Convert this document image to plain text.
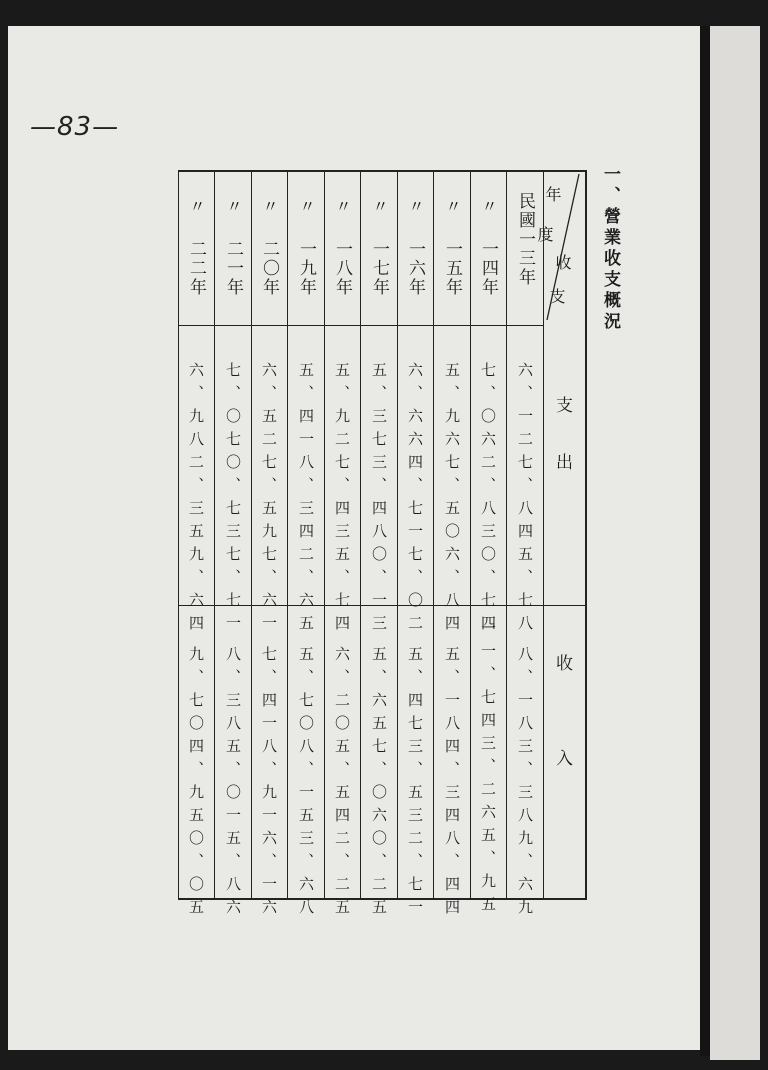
—83—
一、營業收支概況
年
度
收
支
支　　出
收　　　　入
民國一三年
六、一二七、八四五、七八
八、一八三、三八九、六九
〃
一四年
七、〇六二、八三〇、七四
一一、七四三、二六五、九五
〃
一五年
五、九六七、五〇六、八四
五、一八四、三四八、四四
〃
一六年
六、六六四、七一七、〇二
五、四七三、五三二、七一
〃
一七年
五、三七三、四八〇、一三
五、六五七、〇六〇、二五
〃
一八年
五、九二七、四三五、七四
六、二〇五、五四二、二五
〃
一九年
五、四一八、三四二、六五
五、七〇八、一五三、六八
〃
二〇年
六、五二七、五九七、六一
七、四一八、九一六、一六
〃
二一年
七、〇七〇、七三七、七一
八、三八五、〇一五、八六
〃
二二年
六、九八二、三五九、六四
九、七〇四、九五〇、〇五
